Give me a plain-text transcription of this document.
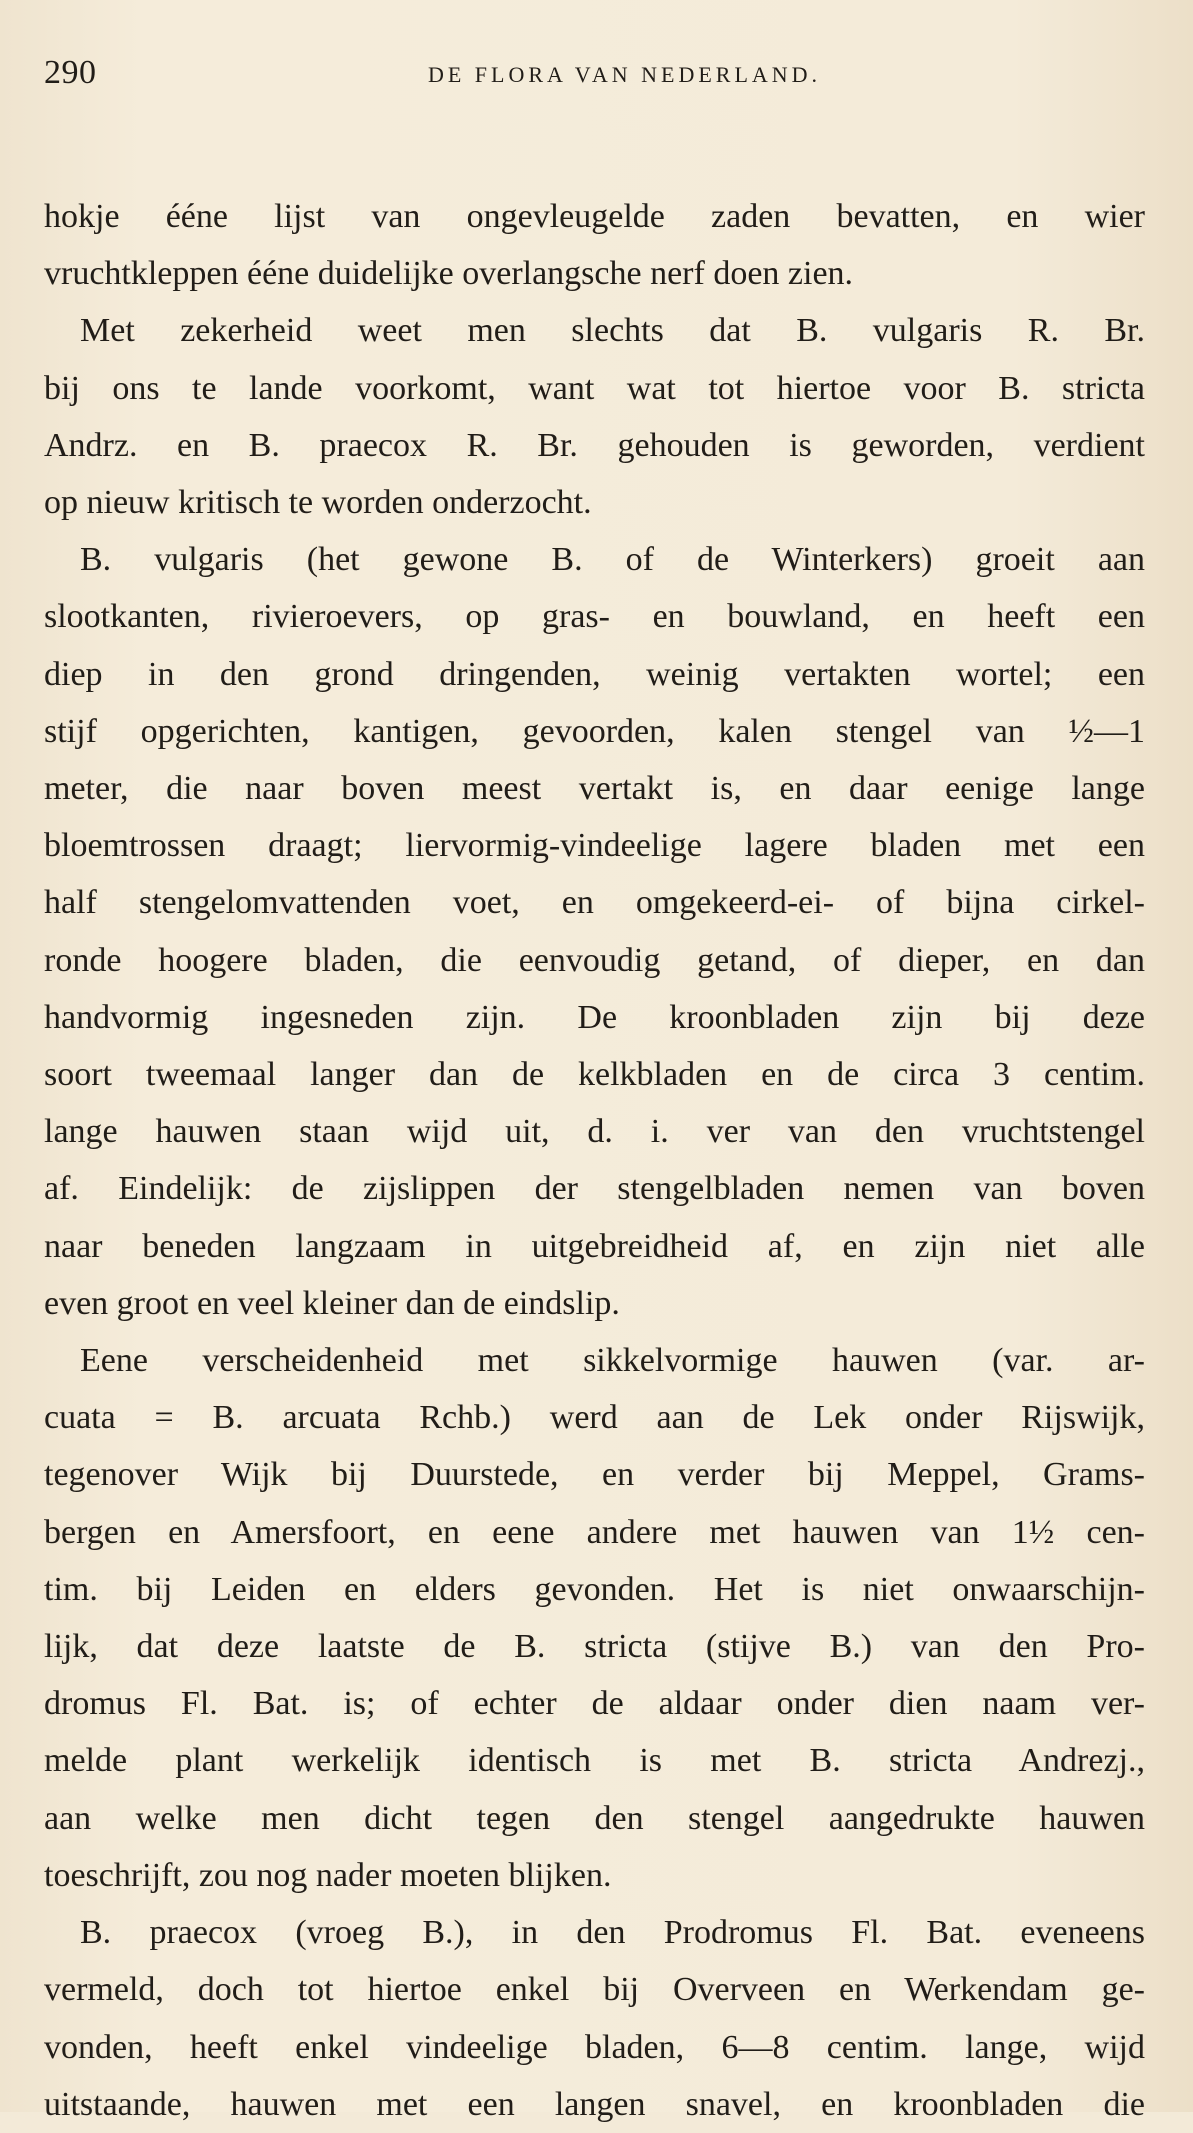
290	DE FLORA VAN NEDERLAND.
hokje ééne lijst van ongevleugelde zaden bevatten, en wier
vruchtkleppen ééne duidelijke overlangsche nerf doen zien.
Met zekerheid weet men slechts dat B. vulgaris R. Br.
bij ons te lande voorkomt, want wat tot hiertoe voor B. stricta
Andrz. en B. praecox R. Br. gehouden is geworden, verdient
op nieuw kritisch te worden onderzocht.
B. vulgaris (het gewone B. of de Winterkers) groeit aan
slootkanten, rivieroevers, op gras- en bouwland, en heeft een
diep in den grond dringenden, weinig vertakten wortel; een
stijf opgerichten, kantigen, gevoorden, kalen stengel van ½—1
meter, die naar boven meest vertakt is, en daar eenige lange
bloemtrossen draagt; liervormig-vindeelige lagere bladen met een
half stengelomvattenden voet, en omgekeerd-ei- of bijna cirkel-
ronde hoogere bladen, die eenvoudig getand, of dieper, en dan
handvormig ingesneden zijn. De kroonbladen zijn bij deze
soort tweemaal langer dan de kelkbladen en de circa 3 centim.
lange hauwen staan wijd uit, d. i. ver van den vruchtstengel
af. Eindelijk: de zijslippen der stengelbladen nemen van boven
naar beneden langzaam in uitgebreidheid af, en zijn niet alle
even groot en veel kleiner dan de eindslip.
Eene verscheidenheid met sikkelvormige hauwen (var. ar-
cuata = B. arcuata Rchb.) werd aan de Lek onder Rijswijk,
tegenover Wijk bij Duurstede, en verder bij Meppel, Grams-
bergen en Amersfoort, en eene andere met hauwen van 1½ cen-
tim. bij Leiden en elders gevonden. Het is niet onwaarschijn-
lijk, dat deze laatste de B. stricta (stijve B.) van den Pro-
dromus Fl. Bat. is; of echter de aldaar onder dien naam ver-
melde plant werkelijk identisch is met B. stricta Andrezj.,
aan welke men dicht tegen den stengel aangedrukte hauwen
toeschrijft, zou nog nader moeten blijken.
B. praecox (vroeg B.), in den Prodromus Fl. Bat. eveneens
vermeld, doch tot hiertoe enkel bij Overveen en Werkendam ge-
vonden, heeft enkel vindeelige bladen, 6—8 centim. lange, wijd
uitstaande, hauwen met een langen snavel, en kroonbladen die
